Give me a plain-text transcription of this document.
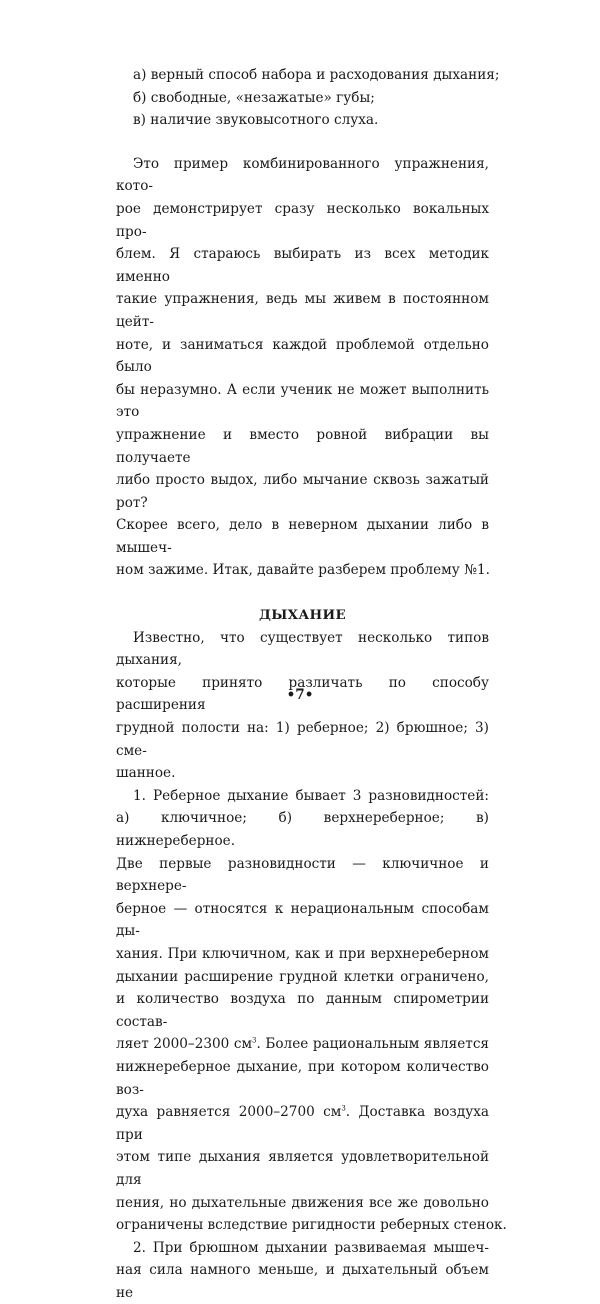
а) верный способ набора и расходования дыхания;
б) свободные, «незажатые» губы;
в) наличие звуковысотного слуха.
Это пример комбинированного упражнения, кото-
рое демонстрирует сразу несколько вокальных про-
блем. Я стараюсь выбирать из всех методик именно
такие упражнения, ведь мы живем в постоянном цейт-
ноте, и заниматься каждой проблемой отдельно было
бы неразумно. А если ученик не может выполнить это
упражнение и вместо ровной вибрации вы получаете
либо просто выдох, либо мычание сквозь зажатый рот?
Скорее всего, дело в неверном дыхании либо в мышеч-
ном зажиме. Итак, давайте разберем проблему №1.
ДЫХАНИЕ
Известно, что существует несколько типов дыхания,
которые принято различать по способу расширения
грудной полости на: 1) реберное; 2) брюшное; 3) сме-
шанное.
1. Реберное дыхание бывает 3 разновидностей:
а) ключичное; б) верхнереберное; в) нижнереберное.
Две первые разновидности — ключичное и верхнере-
берное — относятся к нерациональным способам ды-
хания. При ключичном, как и при верхнереберном
дыхании расширение грудной клетки ограничено,
и количество воздуха по данным спирометрии состав-
ляет 2000–2300 $см^3$. Более рациональным является
нижнереберное дыхание, при котором количество воз-
духа равняется 2000–2700 $см^3$. Доставка воздуха при
этом типе дыхания является удовлетворительной для
пения, но дыхательные движения все же довольно
ограничены вследствие ригидности реберных стенок.
2. При брюшном дыхании развиваемая мышеч-
ная сила намного меньше, и дыхательный объем не
•7•
